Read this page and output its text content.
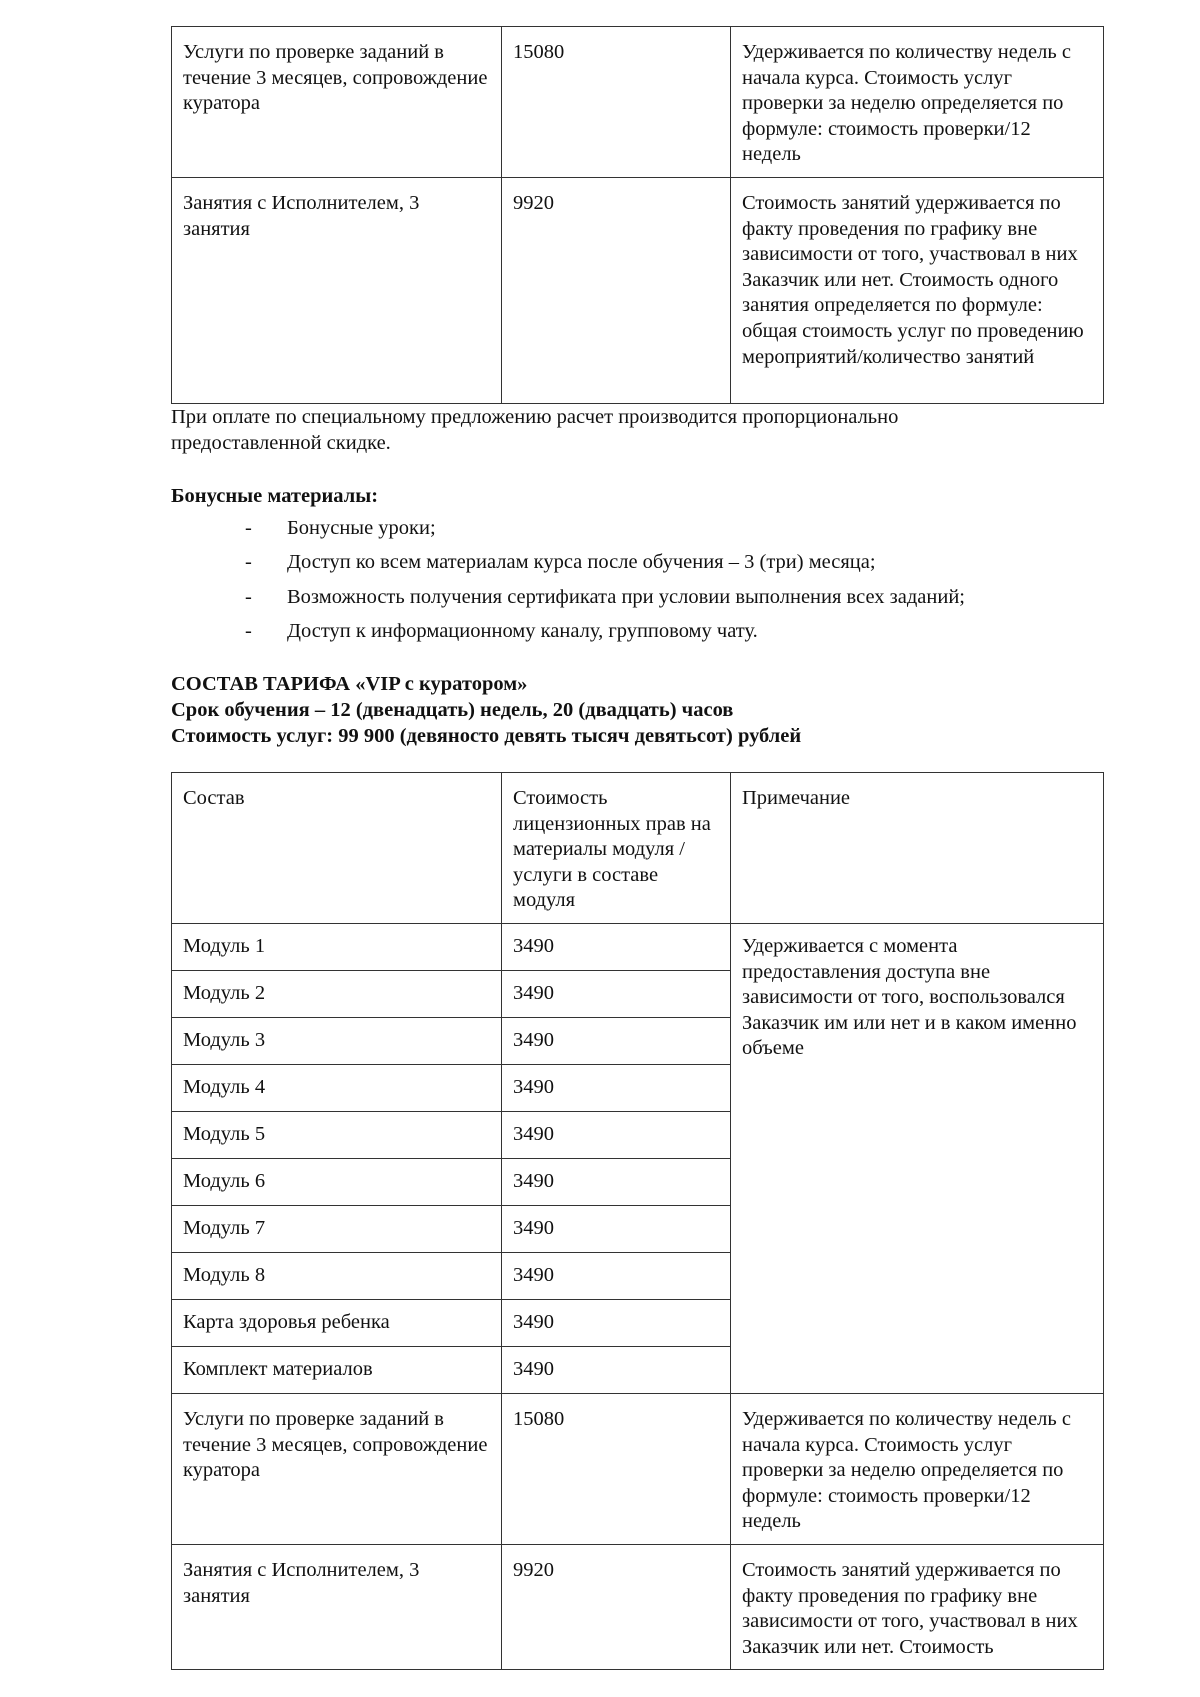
Услуги по проверке заданий в течение 3 месяцев, сопровождение куратора	15080	Удерживается по количеству недель с начала курса. Стоимость услуг проверки за неделю определяется по формуле: стоимость проверки/12 недель
Занятия с Исполнителем, 3 занятия	9920	Стоимость занятий удерживается по факту проведения по графику вне зависимости от того, участвовал в них Заказчик или нет. Стоимость одного занятия определяется по формуле: общая стоимость услуг по проведению мероприятий/количество занятий

При оплате по специальному предложению расчет производится пропорционально предоставленной скидке.

Бонусные материалы:

- Бонусные уроки;
- Доступ ко всем материалам курса после обучения – 3 (три) месяца;
- Возможность получения сертификата при условии выполнения всех заданий;
- Доступ к информационному каналу, групповому чату.

СОСТАВ ТАРИФА «VIP с куратором»

Срок обучения – 12 (двенадцать) недель, 20 (двадцать) часов

Стоимость услуг: 99 900 (девяносто девять тысяч девятьсот) рублей

Состав	Стоимость лицензионных прав на материалы модуля / услуги в составе модуля	Примечание
Модуль 1	3490	Удерживается с момента предоставления доступа вне зависимости от того, воспользовался Заказчик им или нет и в каком именно объеме
Модуль 2	3490	
Модуль 3	3490	
Модуль 4	3490	
Модуль 5	3490	
Модуль 6	3490	
Модуль 7	3490	
Модуль 8	3490	
Карта здоровья ребенка	3490	
Комплект материалов	3490	
Услуги по проверке заданий в течение 3 месяцев, сопровождение куратора	15080	Удерживается по количеству недель с начала курса. Стоимость услуг проверки за неделю определяется по формуле: стоимость проверки/12 недель
Занятия с Исполнителем, 3 занятия	9920	Стоимость занятий удерживается по факту проведения по графику вне зависимости от того, участвовал в них Заказчик или нет. Стоимость
